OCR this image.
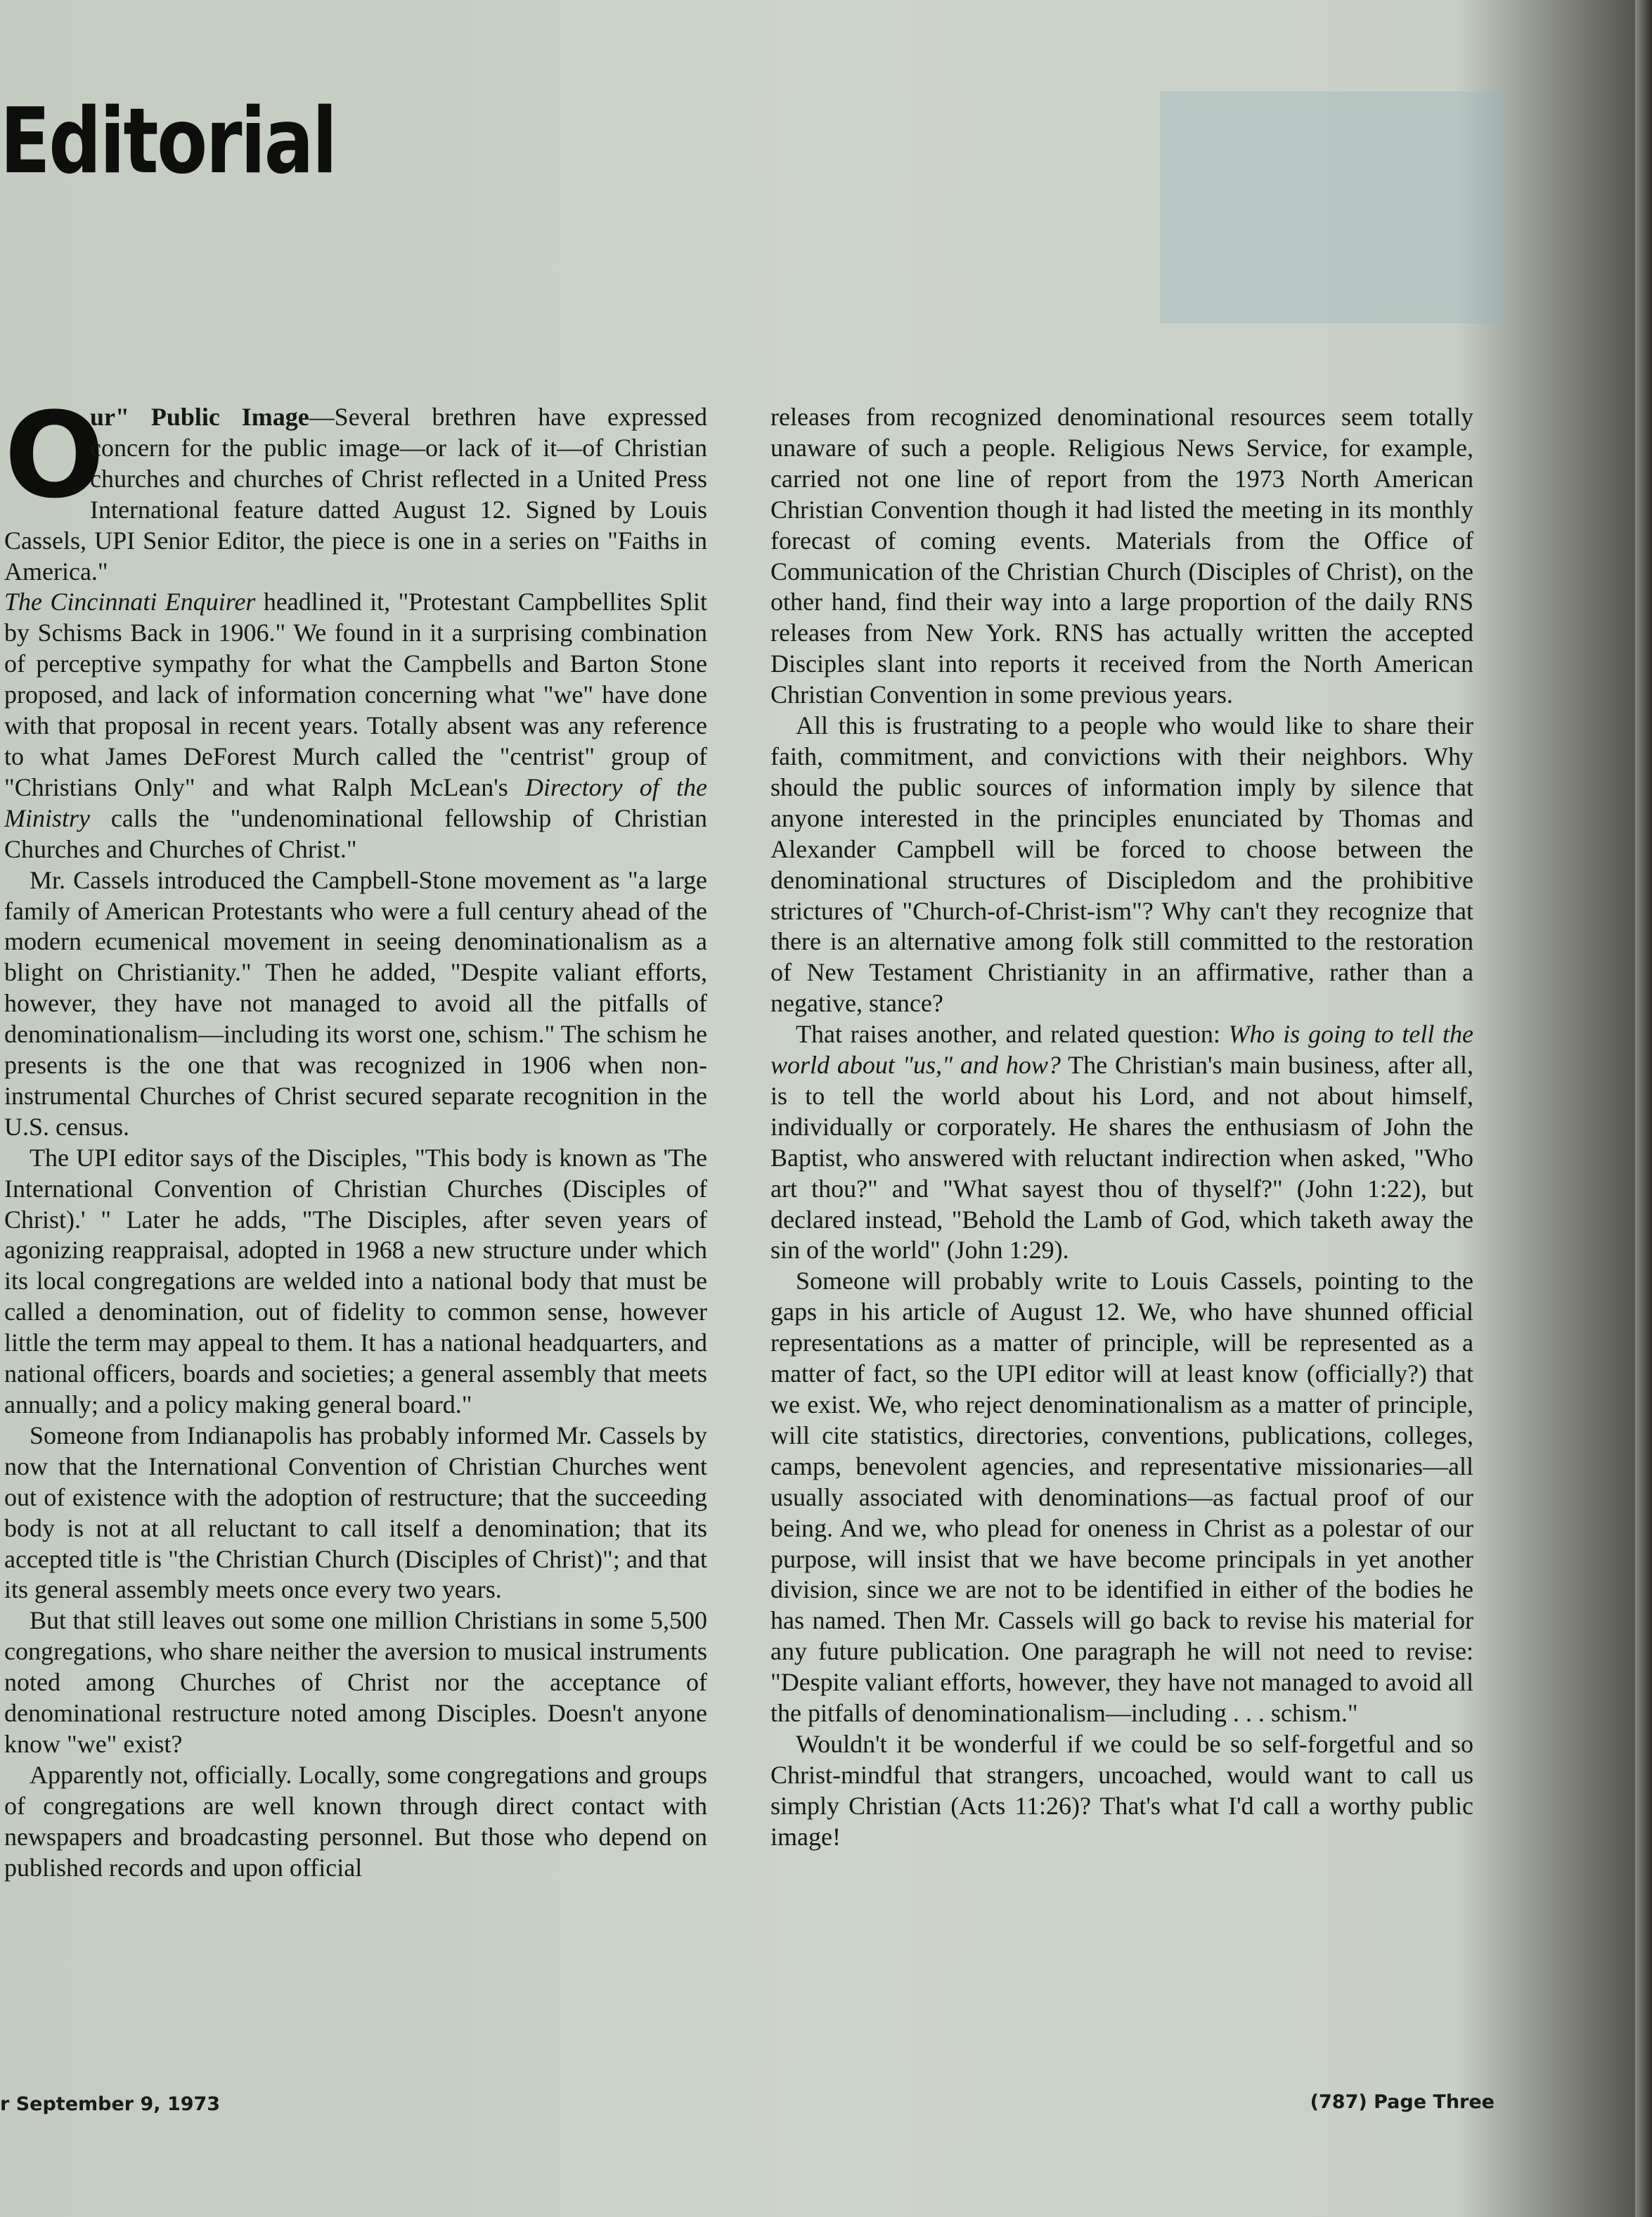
Editorial

O
ur" Public Image—Several brethren have expressed concern for the public image—or lack of it—of Christian churches and churches of Christ reflected in a United Press International feature datted August 12. Signed by Louis Cassels, UPI Senior Editor, the piece is one in a series on "Faiths in America."

The Cincinnati Enquirer headlined it, "Protestant Campbellites Split by Schisms Back in 1906." We found in it a surprising combination of perceptive sympathy for what the Campbells and Barton Stone proposed, and lack of information concerning what "we" have done with that proposal in recent years. Totally absent was any reference to what James DeForest Murch called the "centrist" group of "Christians Only" and what Ralph McLean's Directory of the Ministry calls the "undenominational fellowship of Christian Churches and Churches of Christ."

Mr. Cassels introduced the Campbell-Stone movement as "a large family of American Protestants who were a full century ahead of the modern ecumenical movement in seeing denominationalism as a blight on Christianity." Then he added, "Despite valiant efforts, however, they have not managed to avoid all the pitfalls of denominationalism—including its worst one, schism." The schism he presents is the one that was recognized in 1906 when non-instrumental Churches of Christ secured separate recognition in the U.S. census.

The UPI editor says of the Disciples, "This body is known as 'The International Convention of Christian Churches (Disciples of Christ).' " Later he adds, "The Disciples, after seven years of agonizing reappraisal, adopted in 1968 a new structure under which its local congregations are welded into a national body that must be called a denomination, out of fidelity to common sense, however little the term may appeal to them. It has a national headquarters, and national officers, boards and societies; a general assembly that meets annually; and a policy making general board."

Someone from Indianapolis has probably informed Mr. Cassels by now that the International Convention of Christian Churches went out of existence with the adoption of restructure; that the succeeding body is not at all reluctant to call itself a denomination; that its accepted title is "the Christian Church (Disciples of Christ)"; and that its general assembly meets once every two years.

But that still leaves out some one million Christians in some 5,500 congregations, who share neither the aversion to musical instruments noted among Churches of Christ nor the acceptance of denominational restructure noted among Disciples. Doesn't anyone know "we" exist?

Apparently not, officially. Locally, some congregations and groups of congregations are well known through direct contact with newspapers and broadcasting personnel. But those who depend on published records and upon official

releases from recognized denominational resources seem totally unaware of such a people. Religious News Service, for example, carried not one line of report from the 1973 North American Christian Convention though it had listed the meeting in its monthly forecast of coming events. Materials from the Office of Communication of the Christian Church (Disciples of Christ), on the other hand, find their way into a large proportion of the daily RNS releases from New York. RNS has actually written the accepted Disciples slant into reports it received from the North American Christian Convention in some previous years.

All this is frustrating to a people who would like to share their faith, commitment, and convictions with their neighbors. Why should the public sources of information imply by silence that anyone interested in the principles enunciated by Thomas and Alexander Campbell will be forced to choose between the denominational structures of Discipledom and the prohibitive strictures of "Church-of-Christ-ism"? Why can't they recognize that there is an alternative among folk still committed to the restoration of New Testament Christianity in an affirmative, rather than a negative, stance?

That raises another, and related question: Who is going to tell the world about "us," and how? The Christian's main business, after all, is to tell the world about his Lord, and not about himself, individually or corporately. He shares the enthusiasm of John the Baptist, who answered with reluctant indirection when asked, "Who art thou?" and "What sayest thou of thyself?" (John 1:22), but declared instead, "Behold the Lamb of God, which taketh away the sin of the world" (John 1:29).

Someone will probably write to Louis Cassels, pointing to the gaps in his article of August 12. We, who have shunned official representations as a matter of principle, will be represented as a matter of fact, so the UPI editor will at least know (officially?) that we exist. We, who reject denominationalism as a matter of principle, will cite statistics, directories, conventions, publications, colleges, camps, benevolent agencies, and representative missionaries—all usually associated with denominations—as factual proof of our being. And we, who plead for oneness in Christ as a polestar of our purpose, will insist that we have become principals in yet another division, since we are not to be identified in either of the bodies he has named. Then Mr. Cassels will go back to revise his material for any future publication. One paragraph he will not need to revise: "Despite valiant efforts, however, they have not managed to avoid all the pitfalls of denominationalism—including . . . schism."

Wouldn't it be wonderful if we could be so self-forgetful and so Christ-mindful that strangers, uncoached, would want to call us simply Christian (Acts 11:26)? That's what I'd call a worthy public image!

r September 9, 1973	(787) Page Three
